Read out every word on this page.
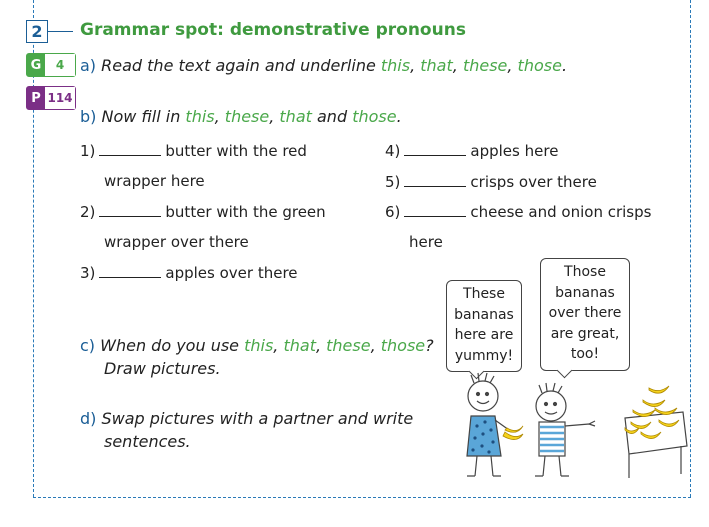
2	Grammar spot: demonstrative pronouns
G	4
P 114
a) Read the text again and underline this, that, these, those.
b) Now fill in this, these, that and those.
1)	butter with the red
wrapper here
2)	butter with the green
wrapper over there
3)	apples over there
4)	apples here
5)	crisps over there
6)	cheese and onion crisps
here
c) When do you use this, that, these, those?
Draw pictures.
d) Swap pictures with a partner and write
sentences.
These
bananas
here are
yummy!
Those
bananas
over there
are great,
too!
